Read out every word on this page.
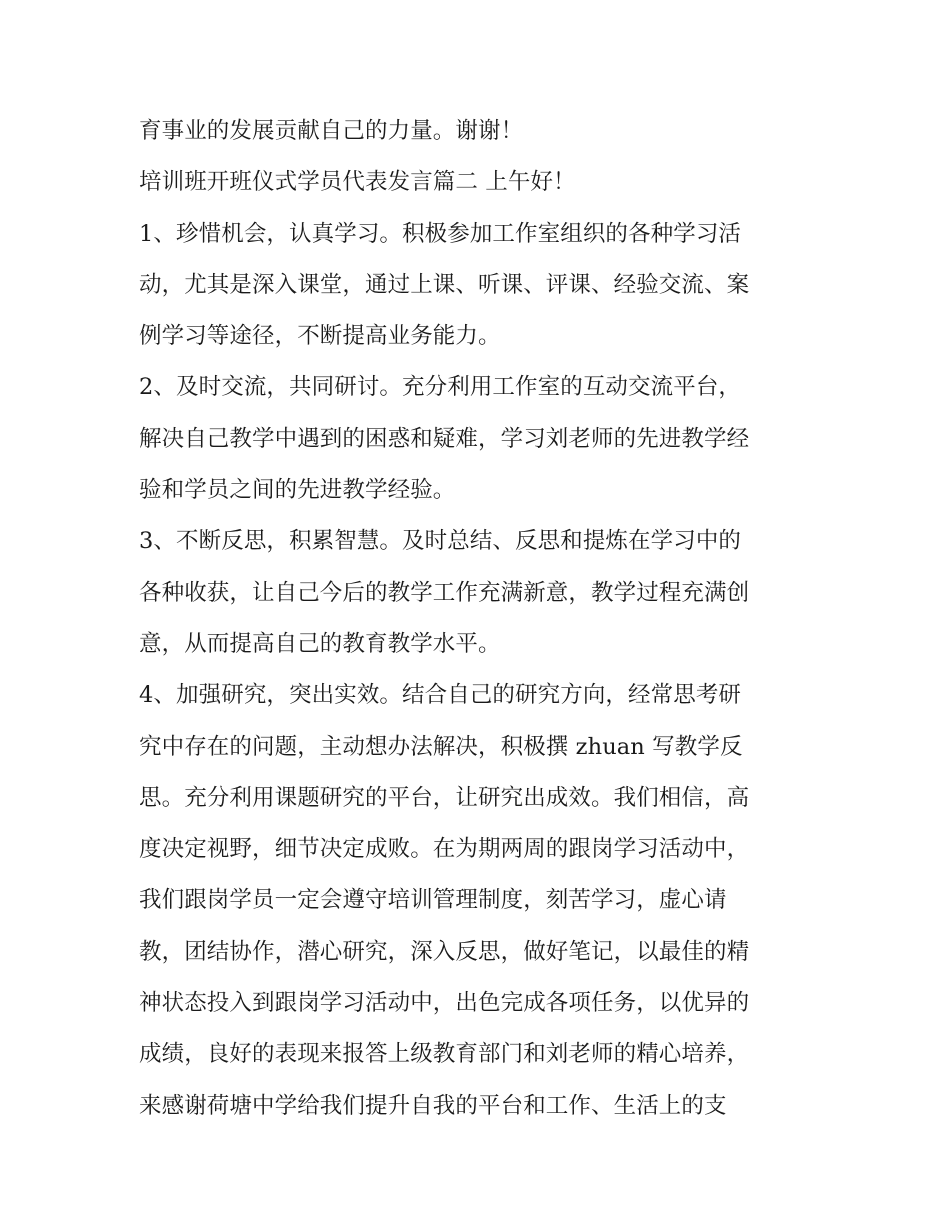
育事业的发展贡献自己的力量。谢谢！
培训班开班仪式学员代表发言篇二 上午好！
1、珍惜机会，认真学习。积极参加工作室组织的各种学习活
动，尤其是深入课堂，通过上课、听课、评课、经验交流、案
例学习等途径，不断提高业务能力。
2、及时交流，共同研讨。充分利用工作室的互动交流平台，
解决自己教学中遇到的困惑和疑难，学习刘老师的先进教学经
验和学员之间的先进教学经验。
3、不断反思，积累智慧。及时总结、反思和提炼在学习中的
各种收获，让自己今后的教学工作充满新意，教学过程充满创
意，从而提高自己的教育教学水平。
4、加强研究，突出实效。结合自己的研究方向，经常思考研
究中存在的问题，主动想办法解决，积极撰 zhuan 写教学反
思。充分利用课题研究的平台，让研究出成效。我们相信，高
度决定视野，细节决定成败。在为期两周的跟岗学习活动中，
我们跟岗学员一定会遵守培训管理制度，刻苦学习，虚心请
教，团结协作，潜心研究，深入反思，做好笔记，以最佳的精
神状态投入到跟岗学习活动中，出色完成各项任务，以优异的
成绩，良好的表现来报答上级教育部门和刘老师的精心培养，
来感谢荷塘中学给我们提升自我的平台和工作、生活上的支
